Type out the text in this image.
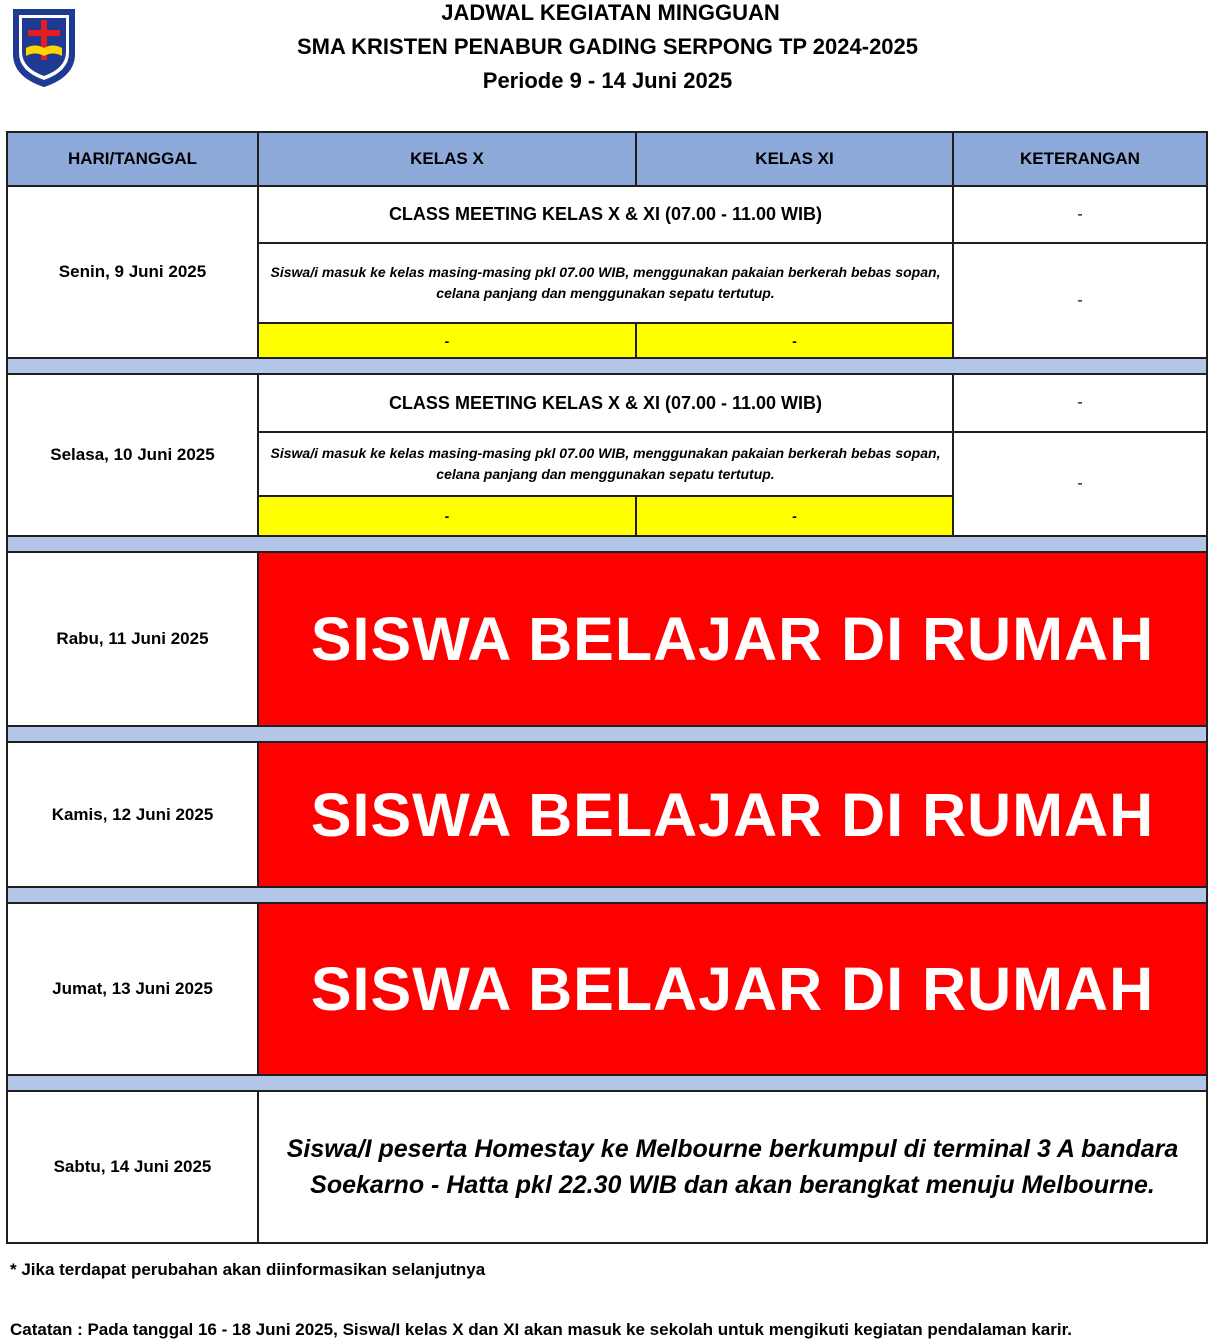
JADWAL KEGIATAN MINGGUAN
SMA KRISTEN PENABUR GADING SERPONG TP 2024-2025
Periode 9 - 14 Juni 2025
HARI/TANGGAL	KELAS X	KELAS XI	KETERANGAN
Senin, 9 Juni 2025	CLASS MEETING KELAS X & XI (07.00 - 11.00 WIB)		-
	Siswa/i masuk ke kelas masing-masing pkl 07.00 WIB, menggunakan pakaian berkerah bebas sopan,
celana panjang dan menggunakan sepatu tertutup.		-
	-	-	

Selasa, 10 Juni 2025	CLASS MEETING KELAS X & XI (07.00 - 11.00 WIB)		-
	Siswa/i masuk ke kelas masing-masing pkl 07.00 WIB, menggunakan pakaian berkerah bebas sopan,
celana panjang dan menggunakan sepatu tertutup.		-
	-	-	

Rabu, 11 Juni 2025	SISWA BELAJAR DI RUMAH		

Kamis, 12 Juni 2025	SISWA BELAJAR DI RUMAH		

Jumat, 13 Juni 2025	SISWA BELAJAR DI RUMAH		

Sabtu, 14 Juni 2025	Siswa/I peserta Homestay ke Melbourne berkumpul di terminal 3 A bandara
Soekarno - Hatta pkl 22.30 WIB dan akan berangkat menuju Melbourne.		
* Jika terdapat perubahan akan diinformasikan selanjutnya
Catatan : Pada tanggal 16 - 18 Juni 2025, Siswa/I kelas X dan XI akan masuk ke sekolah untuk mengikuti kegiatan pendalaman karir.
